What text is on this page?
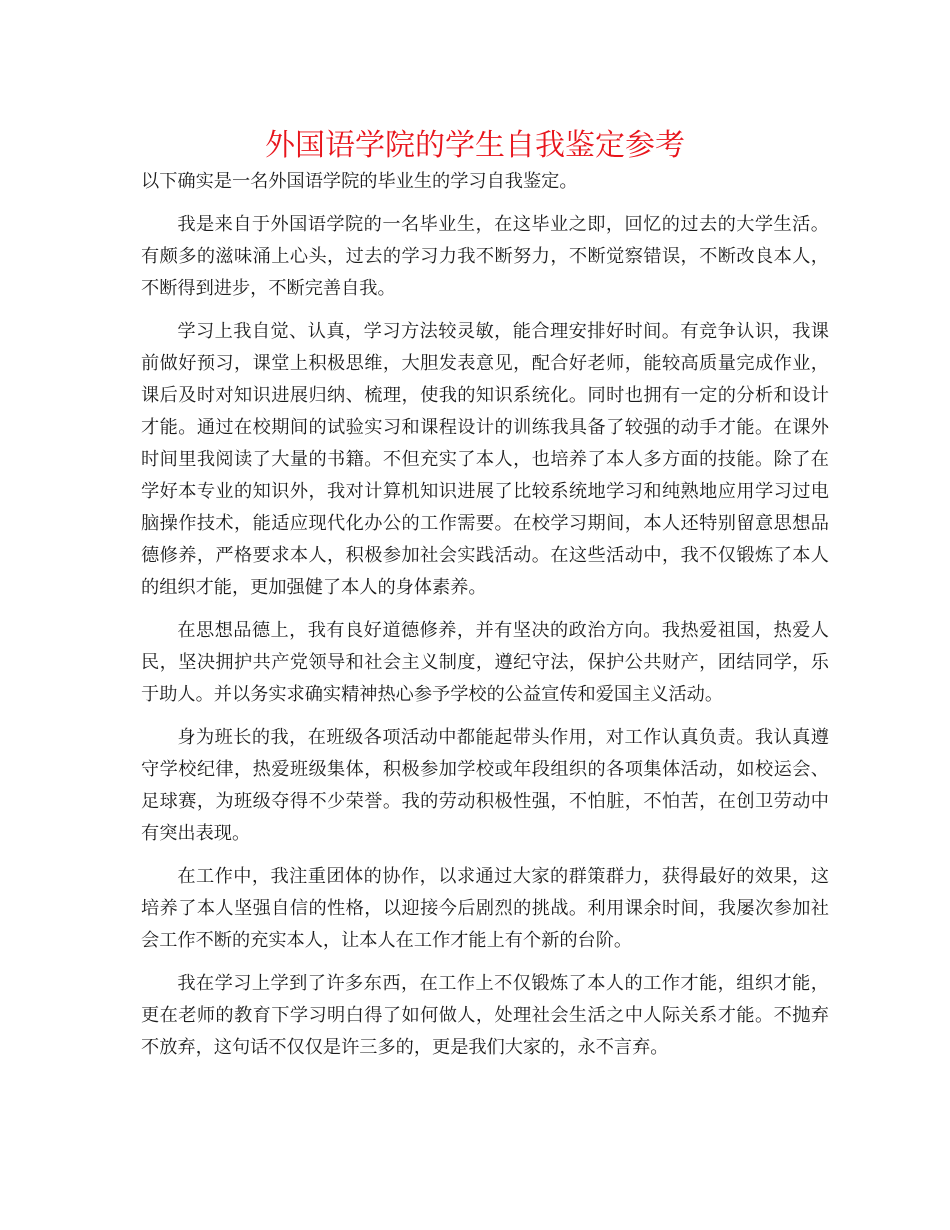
外国语学院的学生自我鉴定参考

以下确实是一名外国语学院的毕业生的学习自我鉴定。

我是来自于外国语学院的一名毕业生，在这毕业之即，回忆的过去的大学生活。有颇多的滋味涌上心头，过去的学习力我不断努力，不断觉察错误，不断改良本人，不断得到进步，不断完善自我。

学习上我自觉、认真，学习方法较灵敏，能合理安排好时间。有竞争认识，我课前做好预习，课堂上积极思维，大胆发表意见，配合好老师，能较高质量完成作业，课后及时对知识进展归纳、梳理，使我的知识系统化。同时也拥有一定的分析和设计才能。通过在校期间的试验实习和课程设计的训练我具备了较强的动手才能。在课外时间里我阅读了大量的书籍。不但充实了本人，也培养了本人多方面的技能。除了在学好本专业的知识外，我对计算机知识进展了比较系统地学习和纯熟地应用学习过电脑操作技术，能适应现代化办公的工作需要。在校学习期间，本人还特别留意思想品德修养，严格要求本人，积极参加社会实践活动。在这些活动中，我不仅锻炼了本人的组织才能，更加强健了本人的身体素养。

在思想品德上，我有良好道德修养，并有坚决的政治方向。我热爱祖国，热爱人民，坚决拥护共产党领导和社会主义制度，遵纪守法，保护公共财产，团结同学，乐于助人。并以务实求确实精神热心参予学校的公益宣传和爱国主义活动。

身为班长的我，在班级各项活动中都能起带头作用，对工作认真负责。我认真遵守学校纪律，热爱班级集体，积极参加学校或年段组织的各项集体活动，如校运会、足球赛，为班级夺得不少荣誉。我的劳动积极性强，不怕脏，不怕苦，在创卫劳动中有突出表现。

在工作中，我注重团体的协作，以求通过大家的群策群力，获得最好的效果，这培养了本人坚强自信的性格，以迎接今后剧烈的挑战。利用课余时间，我屡次参加社会工作不断的充实本人，让本人在工作才能上有个新的台阶。

我在学习上学到了许多东西，在工作上不仅锻炼了本人的工作才能，组织才能，更在老师的教育下学习明白得了如何做人，处理社会生活之中人际关系才能。不抛弃不放弃，这句话不仅仅是许三多的，更是我们大家的，永不言弃。
